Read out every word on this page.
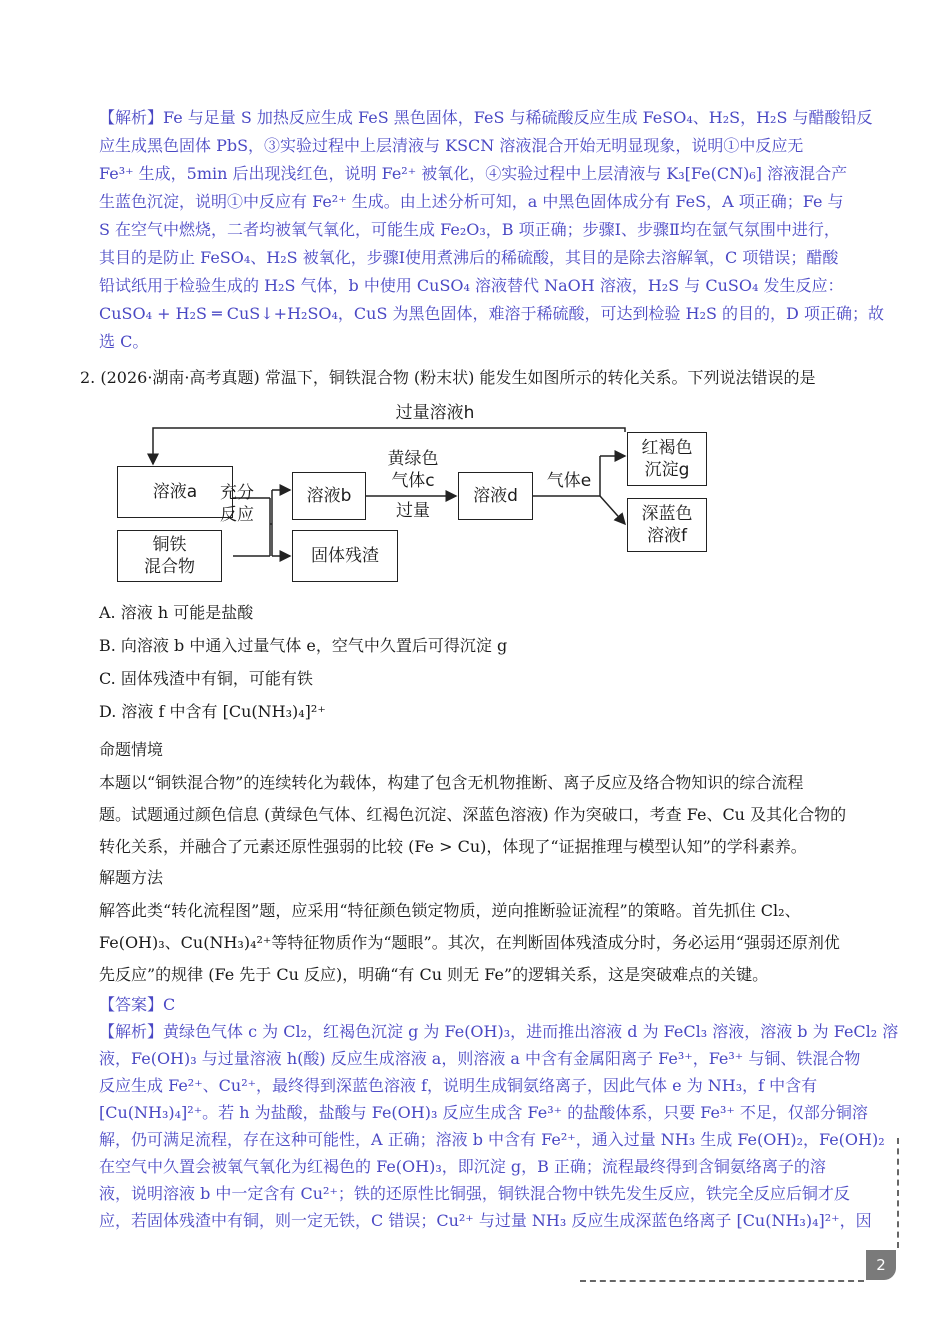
【解析】Fe 与足量 S 加热反应生成 FeS 黑色固体，FeS 与稀硫酸反应生成 FeSO₄、H₂S，H₂S 与醋酸铅反
应生成黑色固体 PbS，③实验过程中上层清液与 KSCN 溶液混合开始无明显现象，说明①中反应无
Fe³⁺ 生成，5min 后出现浅红色，说明 Fe²⁺ 被氧化，④实验过程中上层清液与 K₃[Fe(CN)₆] 溶液混合产
生蓝色沉淀，说明①中反应有 Fe²⁺ 生成。由上述分析可知，a 中黑色固体成分有 FeS，A 项正确；Fe 与
S 在空气中燃烧，二者均被氧气氧化，可能生成 Fe₂O₃，B 项正确；步骤Ⅰ、步骤Ⅱ均在氩气氛围中进行，
其目的是防止 FeSO₄、H₂S 被氧化，步骤Ⅰ使用煮沸后的稀硫酸，其目的是除去溶解氧，C 项错误；醋酸
铅试纸用于检验生成的 H₂S 气体，b 中使用 CuSO₄ 溶液替代 NaOH 溶液，H₂S 与 CuSO₄ 发生反应：
CuSO₄ + H₂S ═ CuS↓+H₂SO₄，CuS 为黑色固体，难溶于稀硫酸，可达到检验 H₂S 的目的，D 项正确；故
选 C。
2. (2026·湖南·高考真题) 常温下，铜铁混合物 (粉末状) 能发生如图所示的转化关系。下列说法错误的是
过量溶液h
溶液a
铜铁
混合物
充分
反应
溶液b
固体残渣
黄绿色
气体c
过量
溶液d
气体e
红褐色
沉淀g
深蓝色
溶液f
A. 溶液 h 可能是盐酸
B. 向溶液 b 中通入过量气体 e，空气中久置后可得沉淀 g
C. 固体残渣中有铜，可能有铁
D. 溶液 f 中含有 [Cu(NH₃)₄]²⁺
命题情境
本题以“铜铁混合物”的连续转化为载体，构建了包含无机物推断、离子反应及络合物知识的综合流程
题。试题通过颜色信息 (黄绿色气体、红褐色沉淀、深蓝色溶液) 作为突破口，考查 Fe、Cu 及其化合物的
转化关系，并融合了元素还原性强弱的比较 (Fe > Cu)，体现了“证据推理与模型认知”的学科素养。
解题方法
解答此类“转化流程图”题，应采用“特征颜色锁定物质，逆向推断验证流程”的策略。首先抓住 Cl₂、
Fe(OH)₃、Cu(NH₃)₄²⁺等特征物质作为“题眼”。其次，在判断固体残渣成分时，务必运用“强弱还原剂优
先反应”的规律 (Fe 先于 Cu 反应)，明确“有 Cu 则无 Fe”的逻辑关系，这是突破难点的关键。
【答案】C
【解析】黄绿色气体 c 为 Cl₂，红褐色沉淀 g 为 Fe(OH)₃，进而推出溶液 d 为 FeCl₃ 溶液，溶液 b 为 FeCl₂ 溶
液，Fe(OH)₃ 与过量溶液 h(酸) 反应生成溶液 a，则溶液 a 中含有金属阳离子 Fe³⁺，Fe³⁺ 与铜、铁混合物
反应生成 Fe²⁺、Cu²⁺，最终得到深蓝色溶液 f，说明生成铜氨络离子，因此气体 e 为 NH₃，f 中含有
[Cu(NH₃)₄]²⁺。若 h 为盐酸，盐酸与 Fe(OH)₃ 反应生成含 Fe³⁺ 的盐酸体系，只要 Fe³⁺ 不足，仅部分铜溶
解，仍可满足流程，存在这种可能性，A 正确；溶液 b 中含有 Fe²⁺，通入过量 NH₃ 生成 Fe(OH)₂，Fe(OH)₂
在空气中久置会被氧气氧化为红褐色的 Fe(OH)₃，即沉淀 g，B 正确；流程最终得到含铜氨络离子的溶
液，说明溶液 b 中一定含有 Cu²⁺；铁的还原性比铜强，铜铁混合物中铁先发生反应，铁完全反应后铜才反
应，若固体残渣中有铜，则一定无铁，C 错误；Cu²⁺ 与过量 NH₃ 反应生成深蓝色络离子 [Cu(NH₃)₄]²⁺，因
2
